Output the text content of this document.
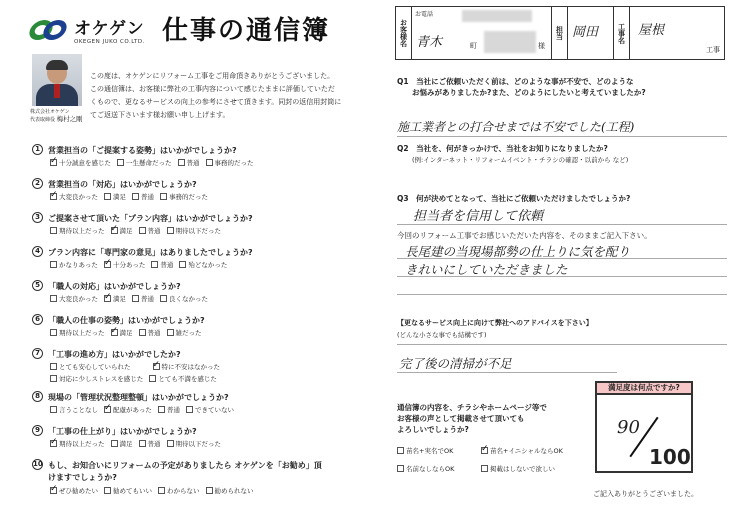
オケゲン
OKEGEN JUKO CO.LTD. 仕事の通信簿
株式会社オケゲン
代表取締役 梅村之剛
この度は、オケゲンにリフォーム工事をご用命頂きありがとうございました。
この通信簿は、お客様に弊社の工事内容について感じたままに評価していただ
くもので、更なるサービスの向上の参考にさせて頂きます。同封の返信用封筒に
てご返送下さいます様お願い申し上げます。
1	営業担当の「ご提案する姿勢」はいかがでしょうか?
✓
十分誠意を感じた 一生懸命だった 普通 事務的だった
2	営業担当の「対応」はいかがでしょうか?
✓
大変良かった 満足 普通 事務的だった
3	ご提案させて頂いた「プラン内容」はいかがでしょうか?
期待以上だった ✓ 満足 普通 期待以下だった
4	プラン内容に「専門家の意見」はありましたでしょうか?
かなりあった ✓ 十分あった 普通 殆どなかった
5	「職人の対応」はいかがでしょうか?
大変良かった ✓ 満足 普通 良くなかった
6	「職人の仕事の姿勢」はいかがでしょうか?
期待以上だった ✓ 満足 普通 雑だった
7	「工事の進め方」はいかがでしたか?
とても安心していられた ✓	特に不安はなかった
対応に少しストレスを感じた とても不満を感じた
8	現場の「管理状況整理整頓」はいかがでしょうか?
言うことなし ✓ 配慮があった 普通 できていない
9	「工事の仕上がり」はいかがでしょうか?
✓
期待以上だった 満足 普通 期待以下だった
10 もし、お知合いにリフォームの予定がありましたら オケゲンを「お勧め」頂けますでしょうか?
✓
ぜひ勧めたい 勧めてもいい わからない 勧められない
お客様名
お電話
青木	町	様
担当 岡田	工事名 屋根
工事
Q1　 当社にご依頼いただく前は、どのような事が不安で、どのような
　　お悩みがありましたか?また、どのようにしたいと考えていましたか?
施工業者との打合せまでは不安でした(工程)
Q2　 当社を、何がきっかけで、当社をお知りになりましたか?
　　(例:インターネット・リフォームイベント・チラシの確認・以前から など)
Q3　 何が決めてとなって、当社にご依頼いただけましたでしょうか?
担当者を信用して依頼
今回のリフォーム工事でお感じいただいた内容を、そのままご記入下さい。
長尾建の当現場都勢の仕上りに気を配り
きれいにしていただきました
【更なるサービス向上に向けて弊社へのアドバイスを下さい】
(どんな小さな事でも結構です)
完了後の清掃が不足
通信簿の内容を、チラシやホームページ等で
お客様の声として掲載させて頂いても
よろしいでしょうか?
苗名+実名でOK ✓	苗名+イニシャルならOK
名前なしならOK	掲載はしないで欲しい
ご記入ありがとうございました。
満足度は何点ですか?
90
100
